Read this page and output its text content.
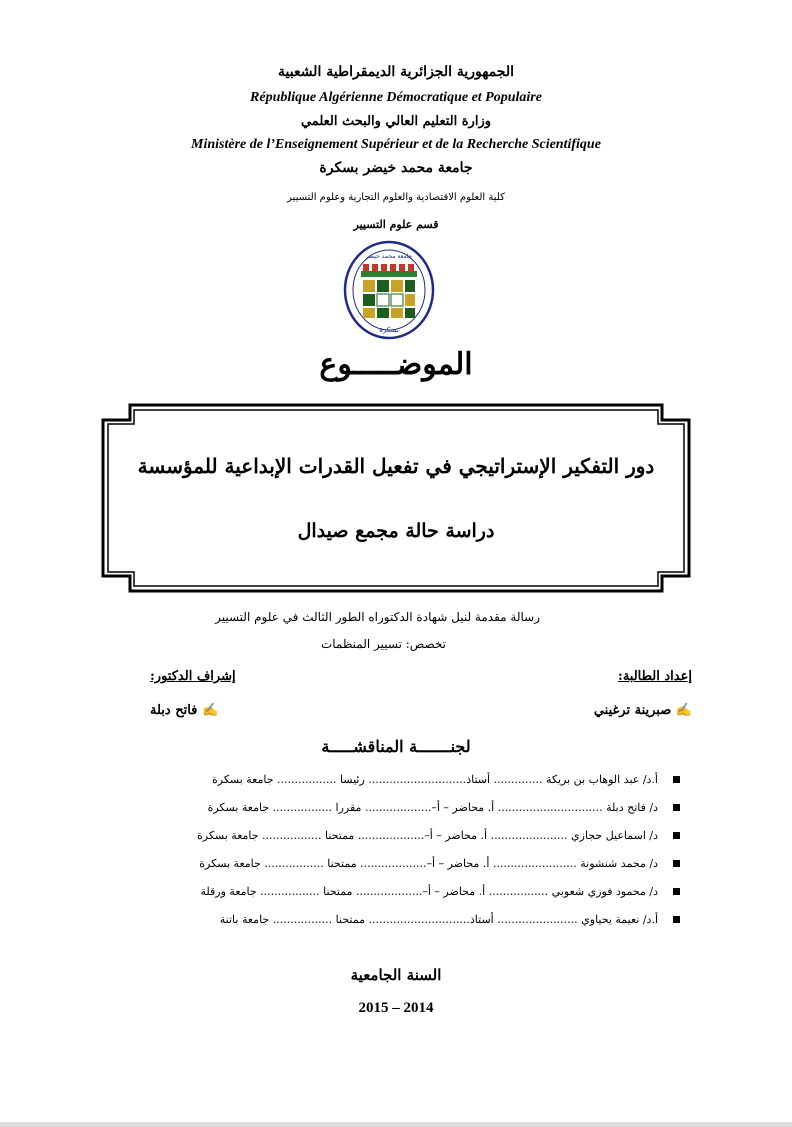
الجمهورية الجزائرية الديمقراطية الشعبية
République Algérienne Démocratique et Populaire
وزارة التعليم العالي والبحث العلمي
Ministère de l’Enseignement Supérieur et de la Recherche Scientifique
جامعة محمد خيضر بسكرة
كلية العلوم الاقتصادية والعلوم التجارية وعلوم التسيير
قسم علوم التسيير
جامعة محمد خيضر
بسكرة
الموضـــــوع
دور التفكير الإستراتيجي في تفعيل القدرات الإبداعية للمؤسسة
دراسة حالة مجمع صيدال
رسالة مقدمة لنيل شهادة الدكتوراه الطور الثالث في علوم التسيير
تخصص: تسيير المنظمات
إعداد الطالبة:
إشراف الدكتور:
✍ صبرينة ترغيني
✍ فاتح دبلة
لجنـــــــة المناقشـــــة
أ.د/ عبد الوهاب بن بريكة .............. أستاذ............................ رئيسا ................. جامعة بسكرة
د/ فاتح دبلة .............................. أ. محاضر – أ–................... مقررا ................. جامعة بسكرة
د/ اسماعيل حجازي ...................... أ. محاضر – أ–................... ممتحنا ................. جامعة بسكرة
د/ محمد شنشونة ........................ أ. محاضر – أ–................... ممتحنا ................. جامعة بسكرة
د/ محمود فوزي شعوبي ................. أ. محاضر – أ–................... ممتحنا ................. جامعة ورقلة
أ.د/ نعيمة يحياوي ....................... أستاذ............................. ممتحنا ................. جامعة باتنة
السنة الجامعية
2015 – 2014
